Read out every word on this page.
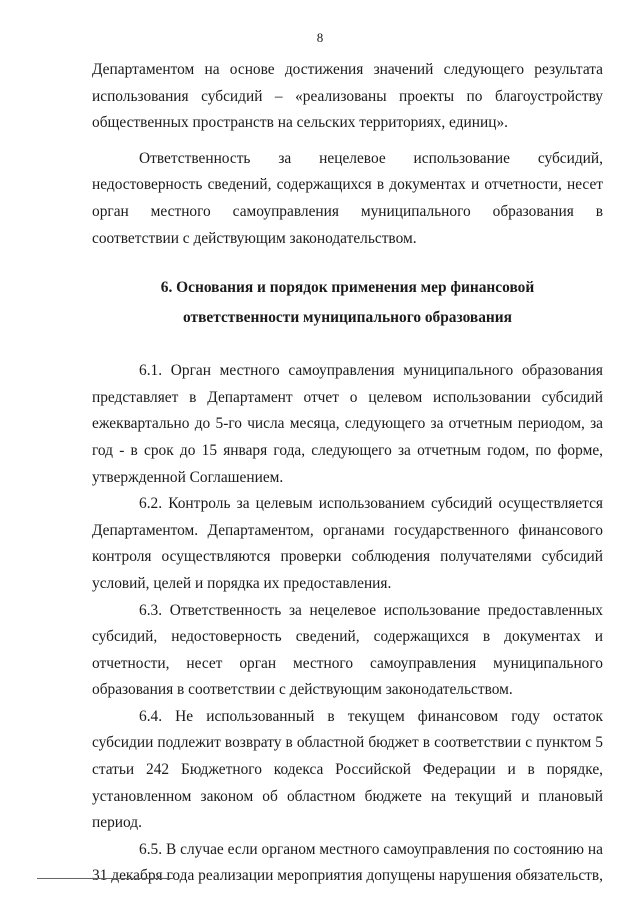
8

Департаментом на основе достижения значений следующего результата использования субсидий – «реализованы проекты по благоустройству общественных пространств на сельских территориях, единиц».

Ответственность за нецелевое использование субсидий, недостоверность сведений, содержащихся в документах и отчетности, несет орган местного самоуправления муниципального образования в соответствии с действующим законодательством.

6. Основания и порядок применения мер финансовой
ответственности муниципального образования

6.1. Орган местного самоуправления муниципального образования представляет в Департамент отчет о целевом использовании субсидий ежеквартально до 5-го числа месяца, следующего за отчетным периодом, за год - в срок до 15 января года, следующего за отчетным годом, по форме, утвержденной Соглашением.

6.2. Контроль за целевым использованием субсидий осуществляется Департаментом. Департаментом, органами государственного финансового контроля осуществляются проверки соблюдения получателями субсидий условий, целей и порядка их предоставления.

6.3. Ответственность за нецелевое использование предоставленных субсидий, недостоверность сведений, содержащихся в документах и отчетности, несет орган местного самоуправления муниципального образования в соответствии с действующим законодательством.

6.4. Не использованный в текущем финансовом году остаток субсидии подлежит возврату в областной бюджет в соответствии с пунктом 5 статьи 242 Бюджетного кодекса Российской Федерации и в порядке, установленном законом об областном бюджете на текущий и плановый период.

6.5. В случае если органом местного самоуправления по состоянию на 31 декабря года реализации мероприятия допущены нарушения обязательств,
